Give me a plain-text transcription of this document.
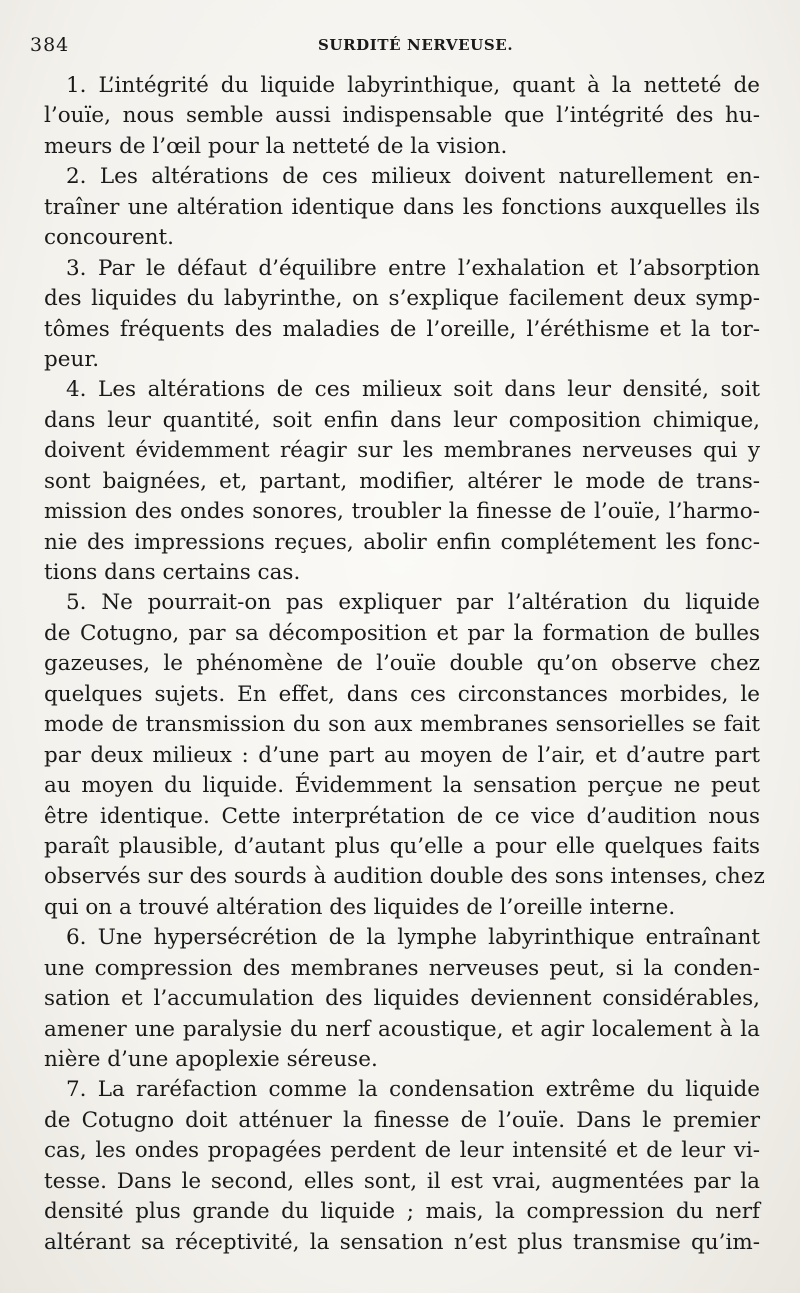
384	SURDITÉ NERVEUSE.
1. L’intégrité du liquide labyrinthique, quant à la netteté de
l’ouïe, nous semble aussi indispensable que l’intégrité des hu-
meurs de l’œil pour la netteté de la vision.
2. Les altérations de ces milieux doivent naturellement en-
traîner une altération identique dans les fonctions auxquelles ils
concourent.
3. Par le défaut d’équilibre entre l’exhalation et l’absorption
des liquides du labyrinthe, on s’explique facilement deux symp-
tômes fréquents des maladies de l’oreille, l’éréthisme et la tor-
peur.
4. Les altérations de ces milieux soit dans leur densité, soit
dans leur quantité, soit enfin dans leur composition chimique,
doivent évidemment réagir sur les membranes nerveuses qui y
sont baignées, et, partant, modifier, altérer le mode de trans-
mission des ondes sonores, troubler la finesse de l’ouïe, l’harmo-
nie des impressions reçues, abolir enfin complétement les fonc-
tions dans certains cas.
5. Ne pourrait-on pas expliquer par l’altération du liquide
de Cotugno, par sa décomposition et par la formation de bulles
gazeuses, le phénomène de l’ouïe double qu’on observe chez
quelques sujets. En effet, dans ces circonstances morbides, le
mode de transmission du son aux membranes sensorielles se fait
par deux milieux : d’une part au moyen de l’air, et d’autre part
au moyen du liquide. Évidemment la sensation perçue ne peut
être identique. Cette interprétation de ce vice d’audition nous
paraît plausible, d’autant plus qu’elle a pour elle quelques faits
observés sur des sourds à audition double des sons intenses, chez
qui on a trouvé altération des liquides de l’oreille interne.
6. Une hypersécrétion de la lymphe labyrinthique entraînant
une compression des membranes nerveuses peut, si la conden-
sation et l’accumulation des liquides deviennent considérables,
amener une paralysie du nerf acoustique, et agir localement à la
nière d’une apoplexie séreuse.
7. La raréfaction comme la condensation extrême du liquide
de Cotugno doit atténuer la finesse de l’ouïe. Dans le premier
cas, les ondes propagées perdent de leur intensité et de leur vi-
tesse. Dans le second, elles sont, il est vrai, augmentées par la
densité plus grande du liquide ; mais, la compression du nerf
altérant sa réceptivité, la sensation n’est plus transmise qu’im-
